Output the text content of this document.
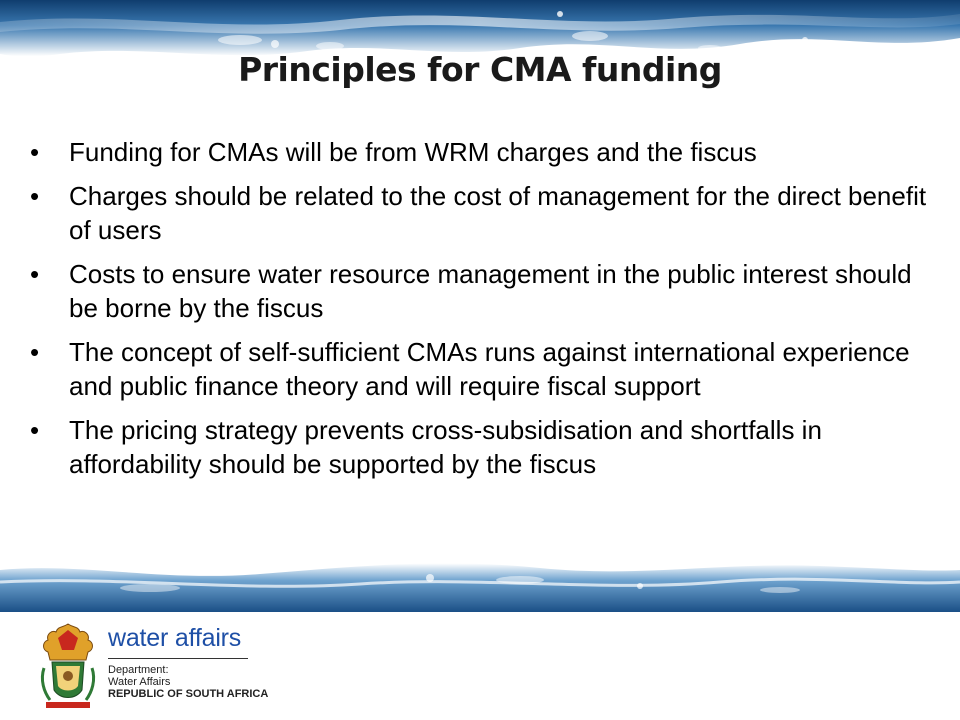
Principles for CMA funding
• Funding for CMAs will be from WRM charges and the fiscus
• Charges should be related to the cost of management for the direct benefit of users
• Costs to ensure water resource management in the public interest should be borne by the fiscus
• The concept of self-sufficient CMAs runs against international experience and public finance theory and will require fiscal support
• The pricing strategy prevents cross-subsidisation and shortfalls in affordability should be supported by the fiscus
water affairs
Department:
Water Affairs
REPUBLIC OF SOUTH AFRICA
